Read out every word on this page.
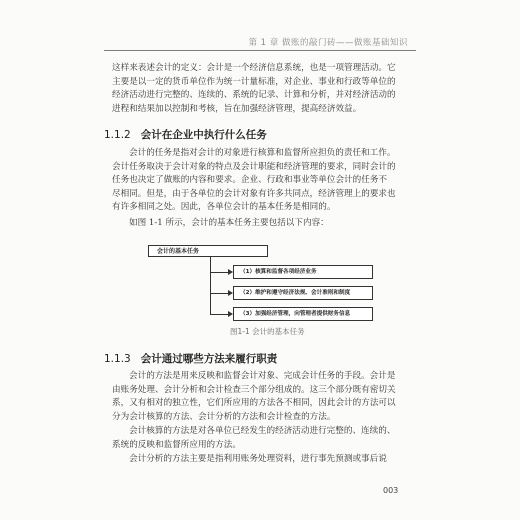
第 1 章 做账的敲门砖——做账基础知识

这样来表述会计的定义：会计是一个经济信息系统，也是一项管理活动。它
主要是以一定的货币单位作为统一计量标准，对企业、事业和行政等单位的
经济活动进行完整的、连续的、系统的记录、计算和分析，并对经济活动的
进程和结果加以控制和考核，旨在加强经济管理，提高经济效益。

1.1.2 会计在企业中执行什么任务

会计的任务是指对会计的对象进行核算和监督所应担负的责任和工作。
会计任务取决于会计对象的特点及会计职能和经济管理的要求，同时会计的
任务也决定了做账的内容和要求。企业、行政和事业等单位会计的任务不
尽相同。但是，由于各单位的会计对象有许多共同点，经济管理上的要求也
有许多相同之处。因此，各单位会计的基本任务是相同的。

如图 1-1 所示，会计的基本任务主要包括以下内容：

会计的基本任务
（1）核算和监督各项经济业务
（2）维护和遵守经济法规、会计准则和制度
（3）加强经济管理，向管理者提供财务信息
图1-1 会计的基本任务
1.1.3 会计通过哪些方法来履行职责

会计的方法是用来反映和监督会计对象、完成会计任务的手段。会计是
由账务处理、会计分析和会计检查三个部分组成的。这三个部分既有密切关
系，又有相对的独立性，它们所应用的方法各不相同，因此会计的方法可以
分为会计核算的方法、会计分析的方法和会计检查的方法。

会计核算的方法是对各单位已经发生的经济活动进行完整的、连续的、
系统的反映和监督所应用的方法。

会计分析的方法主要是指利用账务处理资料，进行事先预测或事后说

003
